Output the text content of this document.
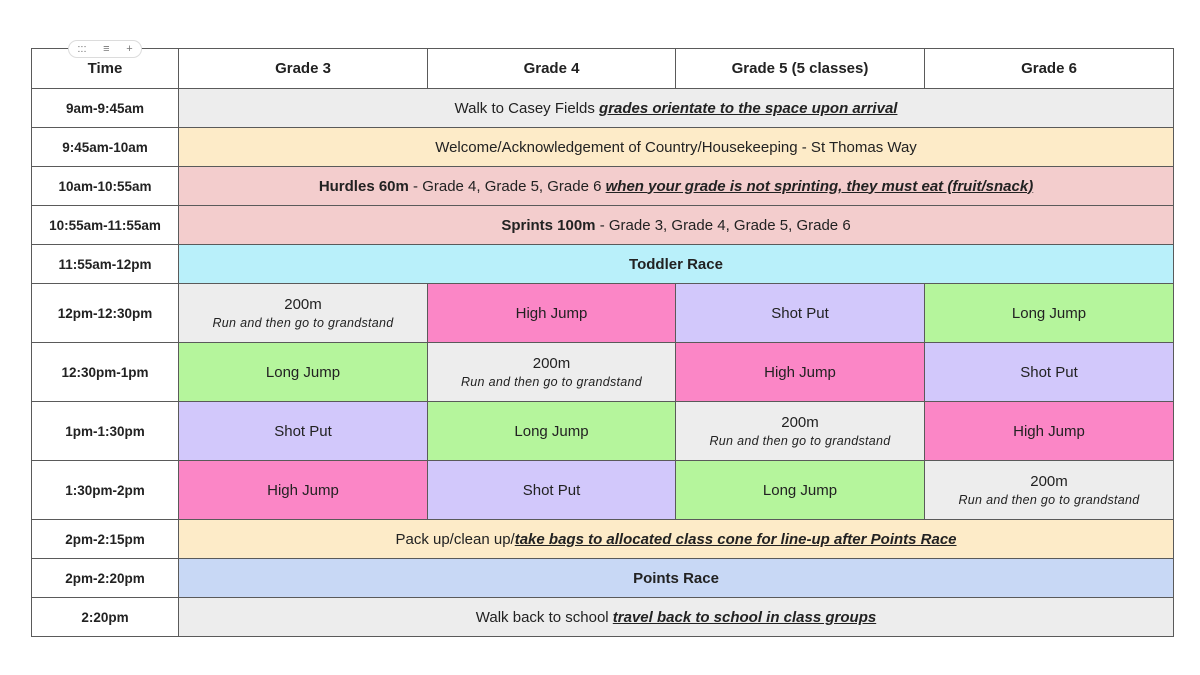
::: ≡ +
Time	Grade 3	Grade 4	Grade 5 (5 classes)	Grade 6
9am-9:45am	Walk to Casey Fields grades orientate to the space upon arrival			
9:45am-10am	Welcome/Acknowledgement of Country/Housekeeping - St Thomas Way			
10am-10:55am	Hurdles 60m - Grade 4, Grade 5, Grade 6 when your grade is not sprinting, they must eat (fruit/snack)			
10:55am-11:55am	Sprints 100m - Grade 3, Grade 4, Grade 5, Grade 6			
11:55am-12pm	Toddler Race			
12pm-12:30pm	200m
Run and then go to grandstand	High Jump	Shot Put	Long Jump
12:30pm-1pm	Long Jump	200m
Run and then go to grandstand	High Jump	Shot Put
1pm-1:30pm	Shot Put	Long Jump	200m
Run and then go to grandstand	High Jump
1:30pm-2pm	High Jump	Shot Put	Long Jump	200m
Run and then go to grandstand

2pm-2:15pm	Pack up/clean up/take bags to allocated class cone for line-up after Points Race			
2pm-2:20pm	Points Race			
2:20pm	Walk back to school travel back to school in class groups			
